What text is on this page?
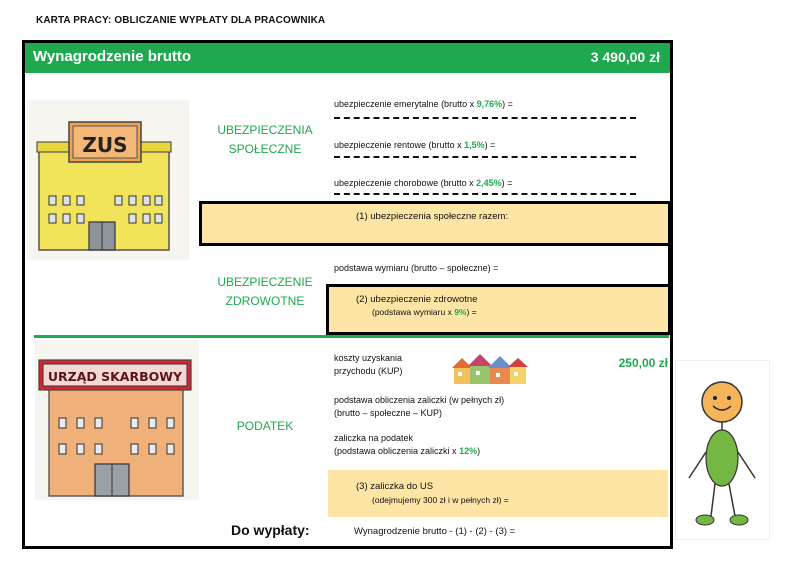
KARTA PRACY: OBLICZANIE WYPŁATY DLA PRACOWNIKA
Wynagrodzenie brutto	3 490,00 zł
ZUS
UBEZPIECZENIA
SPOŁECZNE
ubezpieczenie emerytalne (brutto x 9,76%) =
ubezpieczenie rentowe (brutto x 1,5%) =
ubezpieczenie chorobowe (brutto x 2,45%) =
(1) ubezpieczenia społeczne razem:
UBEZPIECZENIE
ZDROWOTNE
podstawa wymiaru (brutto – społeczne) =
(2) ubezpieczenie zdrowotne
(podstawa wymiaru x 9%) =
URZĄD SKARBOWY
PODATEK
koszty uzyskania
przychodu (KUP)
250,00 zł
podstawa obliczenia zaliczki (w pełnych zł)
(brutto – społeczne – KUP)
zaliczka na podatek
(podstawa obliczenia zaliczki x 12%)
(3) zaliczka do US
(odejmujemy 300 zł i w pełnych zł) =
Do wypłaty:	Wynagrodzenie brutto - (1) - (2) - (3) =
